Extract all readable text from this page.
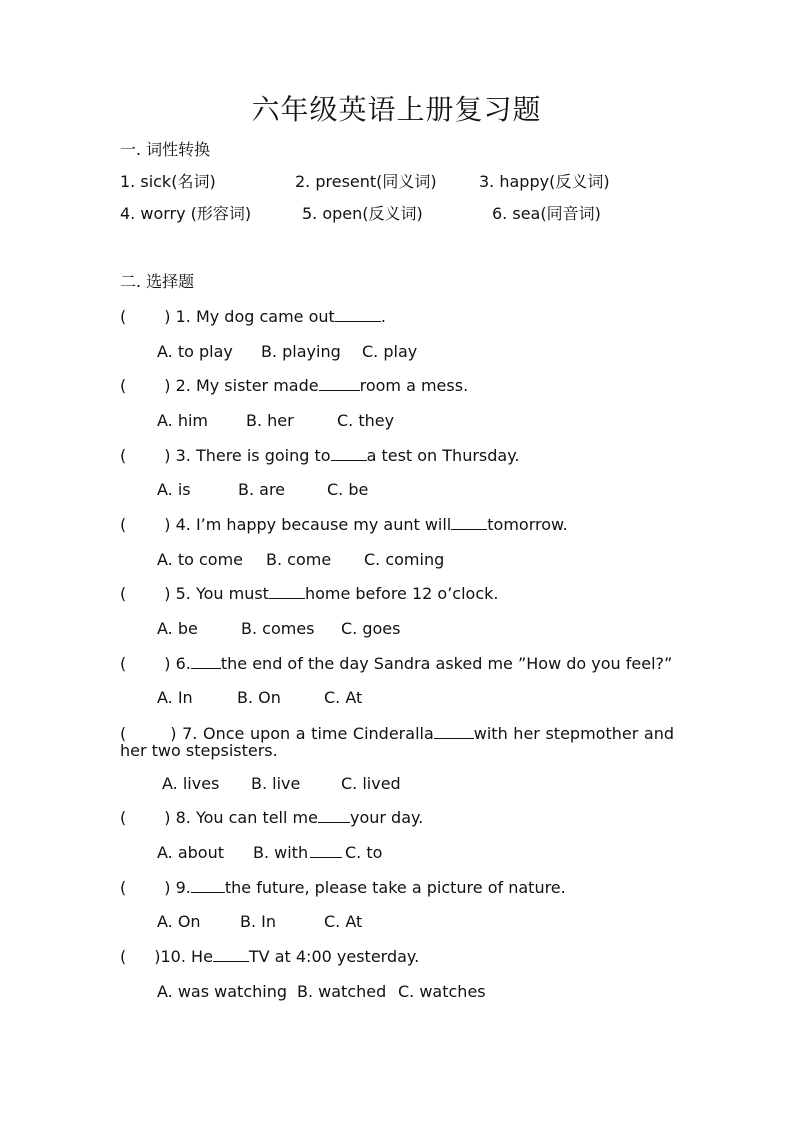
六年级英语上册复习题
一. 词性转换
1. sick(名词)	2. present(同义词)	3. happy(反义词)
4. worry (形容词)	5. open(反义词)	6. sea(同音词)
二. 选择题
( ) 1. My dog came out	.
A. to play B. playing C. play
( ) 2. My sister made	room a mess.
A. him B. her	C. they
( ) 3. There is going to a test on Thursday.
A. is	B. are	C. be
( ) 4. I’m happy because my aunt will tomorrow.
A. to come B. come C. coming
( ) 5. You must home before 12 o’clock.
A. be	B. comes C. goes
( ) 6. the end of the day Sandra asked me ”How do you feel?”
A. In	B. On	C. At
(	) 7. Once upon a time Cinderalla	with her stepmother and her two stepsisters.
A. lives B. live	C. lived
( ) 8. You can tell me your day.
A. about B. with	C. to
( ) 9. the future, please take a picture of nature.
A. On B. In	C. At
( )10. He TV at 4:00 yesterday.
A. was watching B. watched C. watches
